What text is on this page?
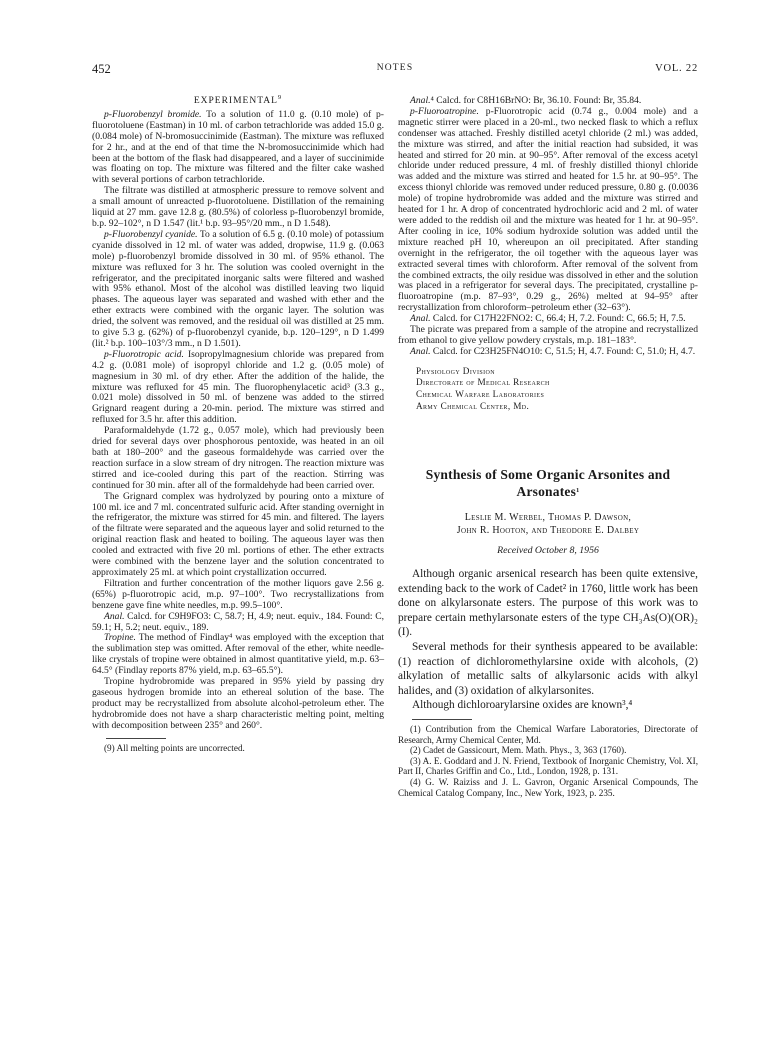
452	NOTES	VOL. 22
EXPERIMENTAL$^9$

p-Fluorobenzyl bromide. To a solution of 11.0 g. (0.10 mole) of p-fluorotoluene (Eastman) in 10 ml. of carbon tetrachloride was added 15.0 g. (0.084 mole) of N-bromosuccinimide (Eastman). The mixture was refluxed for 2 hr., and at the end of that time the N-bromosuccinimide which had been at the bottom of the flask had disappeared, and a layer of succinimide was floating on top. The mixture was filtered and the filter cake washed with several portions of carbon tetrachloride.

The filtrate was distilled at atmospheric pressure to remove solvent and a small amount of unreacted p-fluorotoluene. Distillation of the remaining liquid at 27 mm. gave 12.8 g. (80.5%) of colorless p-fluorobenzyl bromide, b.p. 92–102°, n D 1.547 (lit.¹ b.p. 93–95°/20 mm., n D 1.548).

p-Fluorobenzyl cyanide. To a solution of 6.5 g. (0.10 mole) of potassium cyanide dissolved in 12 ml. of water was added, dropwise, 11.9 g. (0.063 mole) p-fluorobenzyl bromide dissolved in 30 ml. of 95% ethanol. The mixture was refluxed for 3 hr. The solution was cooled overnight in the refrigerator, and the precipitated inorganic salts were filtered and washed with 95% ethanol. Most of the alcohol was distilled leaving two liquid phases. The aqueous layer was separated and washed with ether and the ether extracts were combined with the organic layer. The solution was dried, the solvent was removed, and the residual oil was distilled at 25 mm. to give 5.3 g. (62%) of p-fluorobenzyl cyanide, b.p. 120–129°, n D 1.499 (lit.² b.p. 100–103°/3 mm., n D 1.501).

p-Fluorotropic acid. Isopropylmagnesium chloride was prepared from 4.2 g. (0.081 mole) of isopropyl chloride and 1.2 g. (0.05 mole) of magnesium in 30 ml. of dry ether. After the addition of the halide, the mixture was refluxed for 45 min. The fluorophenylacetic acid³ (3.3 g., 0.021 mole) dissolved in 50 ml. of benzene was added to the stirred Grignard reagent during a 20-min. period. The mixture was stirred and refluxed for 3.5 hr. after this addition.

Paraformaldehyde (1.72 g., 0.057 mole), which had previously been dried for several days over phosphorous pentoxide, was heated in an oil bath at 180–200° and the gaseous formaldehyde was carried over the reaction surface in a slow stream of dry nitrogen. The reaction mixture was stirred and ice-cooled during this part of the reaction. Stirring was continued for 30 min. after all of the formaldehyde had been carried over.

The Grignard complex was hydrolyzed by pouring onto a mixture of 100 ml. ice and 7 ml. concentrated sulfuric acid. After standing overnight in the refrigerator, the mixture was stirred for 45 min. and filtered. The layers of the filtrate were separated and the aqueous layer and solid returned to the original reaction flask and heated to boiling. The aqueous layer was then cooled and extracted with five 20 ml. portions of ether. The ether extracts were combined with the benzene layer and the solution concentrated to approximately 25 ml. at which point crystallization occurred.

Filtration and further concentration of the mother liquors gave 2.56 g. (65%) p-fluorotropic acid, m.p. 97–100°. Two recrystallizations from benzene gave fine white needles, m.p. 99.5–100°.

Anal. Calcd. for C9H9FO3: C, 58.7; H, 4.9; neut. equiv., 184. Found: C, 59.1; H, 5.2; neut. equiv., 189.

Tropine. The method of Findlay⁴ was employed with the exception that the sublimation step was omitted. After removal of the ether, white needle-like crystals of tropine were obtained in almost quantitative yield, m.p. 63–64.5° (Findlay reports 87% yield, m.p. 63–65.5°).

Tropine hydrobromide was prepared in 95% yield by passing dry gaseous hydrogen bromide into an ethereal solution of the base. The product may be recrystallized from absolute alcohol-petroleum ether. The hydrobromide does not have a sharp characteristic melting point, melting with decomposition between 235° and 260°.

(9) All melting points are uncorrected.

Anal.⁴ Calcd. for C8H16BrNO: Br, 36.10. Found: Br, 35.84.

p-Fluoroatropine. p-Fluorotropic acid (0.74 g., 0.004 mole) and a magnetic stirrer were placed in a 20-ml., two necked flask to which a reflux condenser was attached. Freshly distilled acetyl chloride (2 ml.) was added, the mixture was stirred, and after the initial reaction had subsided, it was heated and stirred for 20 min. at 90–95°. After removal of the excess acetyl chloride under reduced pressure, 4 ml. of freshly distilled thionyl chloride was added and the mixture was stirred and heated for 1.5 hr. at 90–95°. The excess thionyl chloride was removed under reduced pressure, 0.80 g. (0.0036 mole) of tropine hydrobromide was added and the mixture was stirred and heated for 1 hr. A drop of concentrated hydrochloric acid and 2 ml. of water were added to the reddish oil and the mixture was heated for 1 hr. at 90–95°. After cooling in ice, 10% sodium hydroxide solution was added until the mixture reached pH 10, whereupon an oil precipitated. After standing overnight in the refrigerator, the oil together with the aqueous layer was extracted several times with chloroform. After removal of the solvent from the combined extracts, the oily residue was dissolved in ether and the solution was placed in a refrigerator for several days. The precipitated, crystalline p-fluoroatropine (m.p. 87–93°, 0.29 g., 26%) melted at 94–95° after recrystallization from chloroform–petroleum ether (32–63°).

Anal. Calcd. for C17H22FNO2: C, 66.4; H, 7.2. Found: C, 66.5; H, 7.5.

The picrate was prepared from a sample of the atropine and recrystallized from ethanol to give yellow powdery crystals, m.p. 181–183°.

Anal. Calcd. for C23H25FN4O10: C, 51.5; H, 4.7. Found: C, 51.0; H, 4.7.

Physiology Division
Directorate of Medical Research
Chemical Warfare Laboratories
Army Chemical Center, Md.
Synthesis of Some Organic Arsonites and
Arsonates$^1$
Leslie M. Werbel, Thomas P. Dawson,
John R. Hooton, and Theodore E. Dalbey
Received October 8, 1956

Although organic arsenical research has been quite extensive, extending back to the work of Cadet² in 1760, little work has been done on alkylarsonate esters. The purpose of this work was to prepare certain methylarsonate esters of the type CH₃As(O)(OR)₂ (I).

Several methods for their synthesis appeared to be available: (1) reaction of dichloromethylarsine oxide with alcohols, (2) alkylation of metallic salts of alkylarsonic acids with alkyl halides, and (3) oxidation of alkylarsonites.

Although dichloroarylarsine oxides are known³,⁴

(1) Contribution from the Chemical Warfare Laboratories, Directorate of Research, Army Chemical Center, Md.

(2) Cadet de Gassicourt, Mem. Math. Phys., 3, 363 (1760).

(3) A. E. Goddard and J. N. Friend, Textbook of Inorganic Chemistry, Vol. XI, Part II, Charles Griffin and Co., Ltd., London, 1928, p. 131.

(4) G. W. Raiziss and J. L. Gavron, Organic Arsenical Compounds, The Chemical Catalog Company, Inc., New York, 1923, p. 235.
